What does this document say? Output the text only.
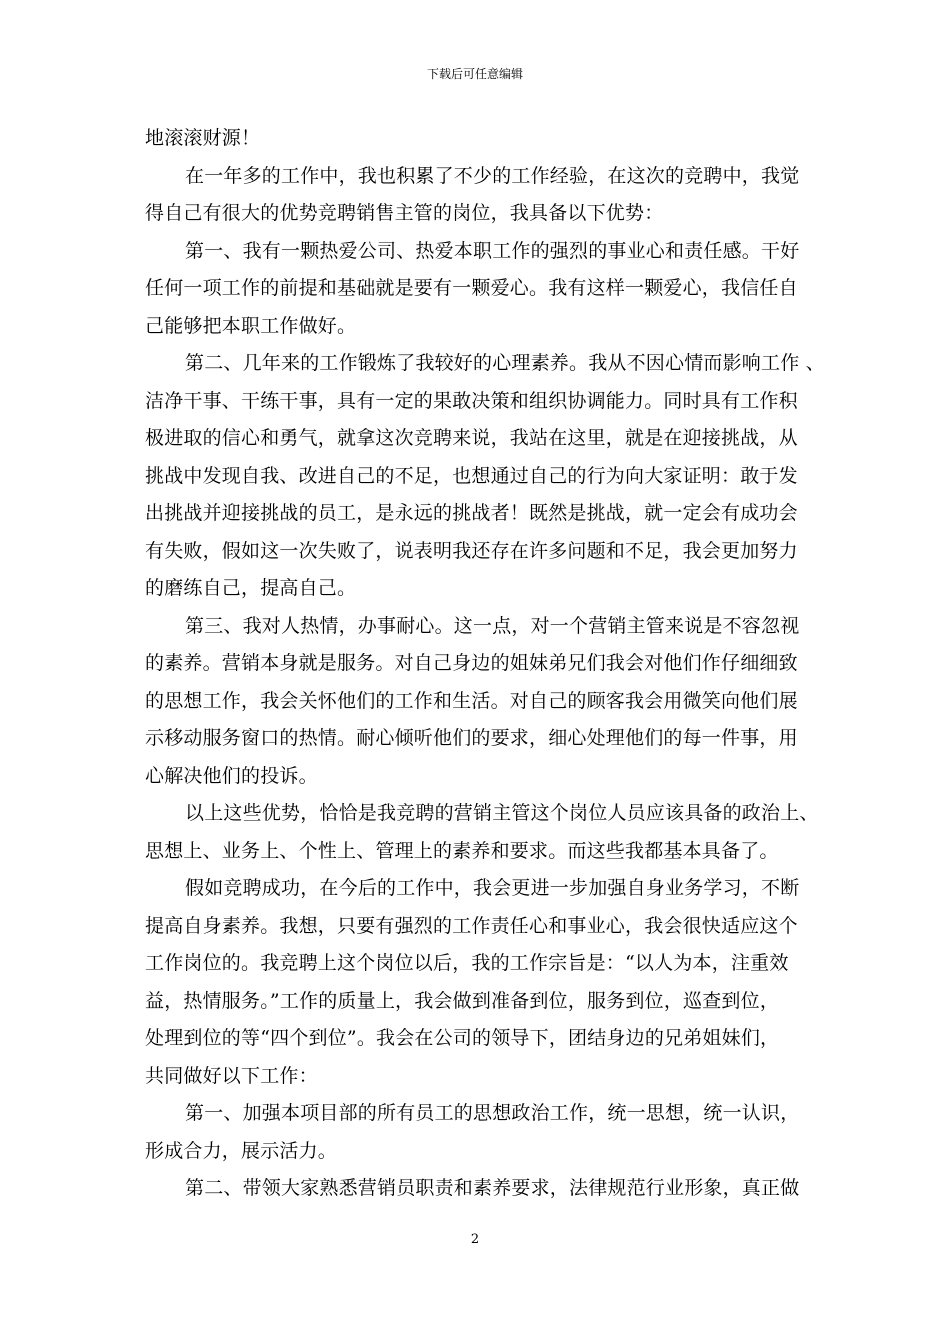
下载后可任意编辑
地滚滚财源！
在一年多的工作中，我也积累了不少的工作经验，在这次的竞聘中，我觉
得自己有很大的优势竞聘销售主管的岗位，我具备以下优势：
第一、我有一颗热爱公司、热爱本职工作的强烈的事业心和责任感。干好
任何一项工作的前提和基础就是要有一颗爱心。我有这样一颗爱心，我信任自
己能够把本职工作做好。
第二、几年来的工作锻炼了我较好的心理素养。我从不因心情而影响工作 、
洁净干事、干练干事，具有一定的果敢决策和组织协调能力。同时具有工作积
极进取的信心和勇气，就拿这次竞聘来说，我站在这里，就是在迎接挑战，从
挑战中发现自我、改进自己的不足，也想通过自己的行为向大家证明：敢于发
出挑战并迎接挑战的员工，是永远的挑战者！既然是挑战，就一定会有成功会
有失败，假如这一次失败了，说表明我还存在许多问题和不足，我会更加努力
的磨练自己，提高自己。
第三、我对人热情，办事耐心。这一点，对一个营销主管来说是不容忽视
的素养。营销本身就是服务。对自己身边的姐妹弟兄们我会对他们作仔细细致
的思想工作，我会关怀他们的工作和生活。对自己的顾客我会用微笑向他们展
示移动服务窗口的热情。耐心倾听他们的要求，细心处理他们的每一件事，用
心解决他们的投诉。
以上这些优势，恰恰是我竞聘的营销主管这个岗位人员应该具备的政治上、
思想上、业务上、个性上、管理上的素养和要求。而这些我都基本具备了。
假如竞聘成功，在今后的工作中，我会更进一步加强自身业务学习，不断
提高自身素养。我想，只要有强烈的工作责任心和事业心，我会很快适应这个
工作岗位的。我竞聘上这个岗位以后，我的工作宗旨是：“以人为本，注重效
益，热情服务。”工作的质量上，我会做到准备到位，服务到位，巡查到位，
处理到位的等“四个到位”。我会在公司的领导下，团结身边的兄弟姐妹们，
共同做好以下工作：
第一、加强本项目部的所有员工的思想政治工作，统一思想，统一认识，
形成合力，展示活力。
第二、带领大家熟悉营销员职责和素养要求，法律规范行业形象，真正做
2
